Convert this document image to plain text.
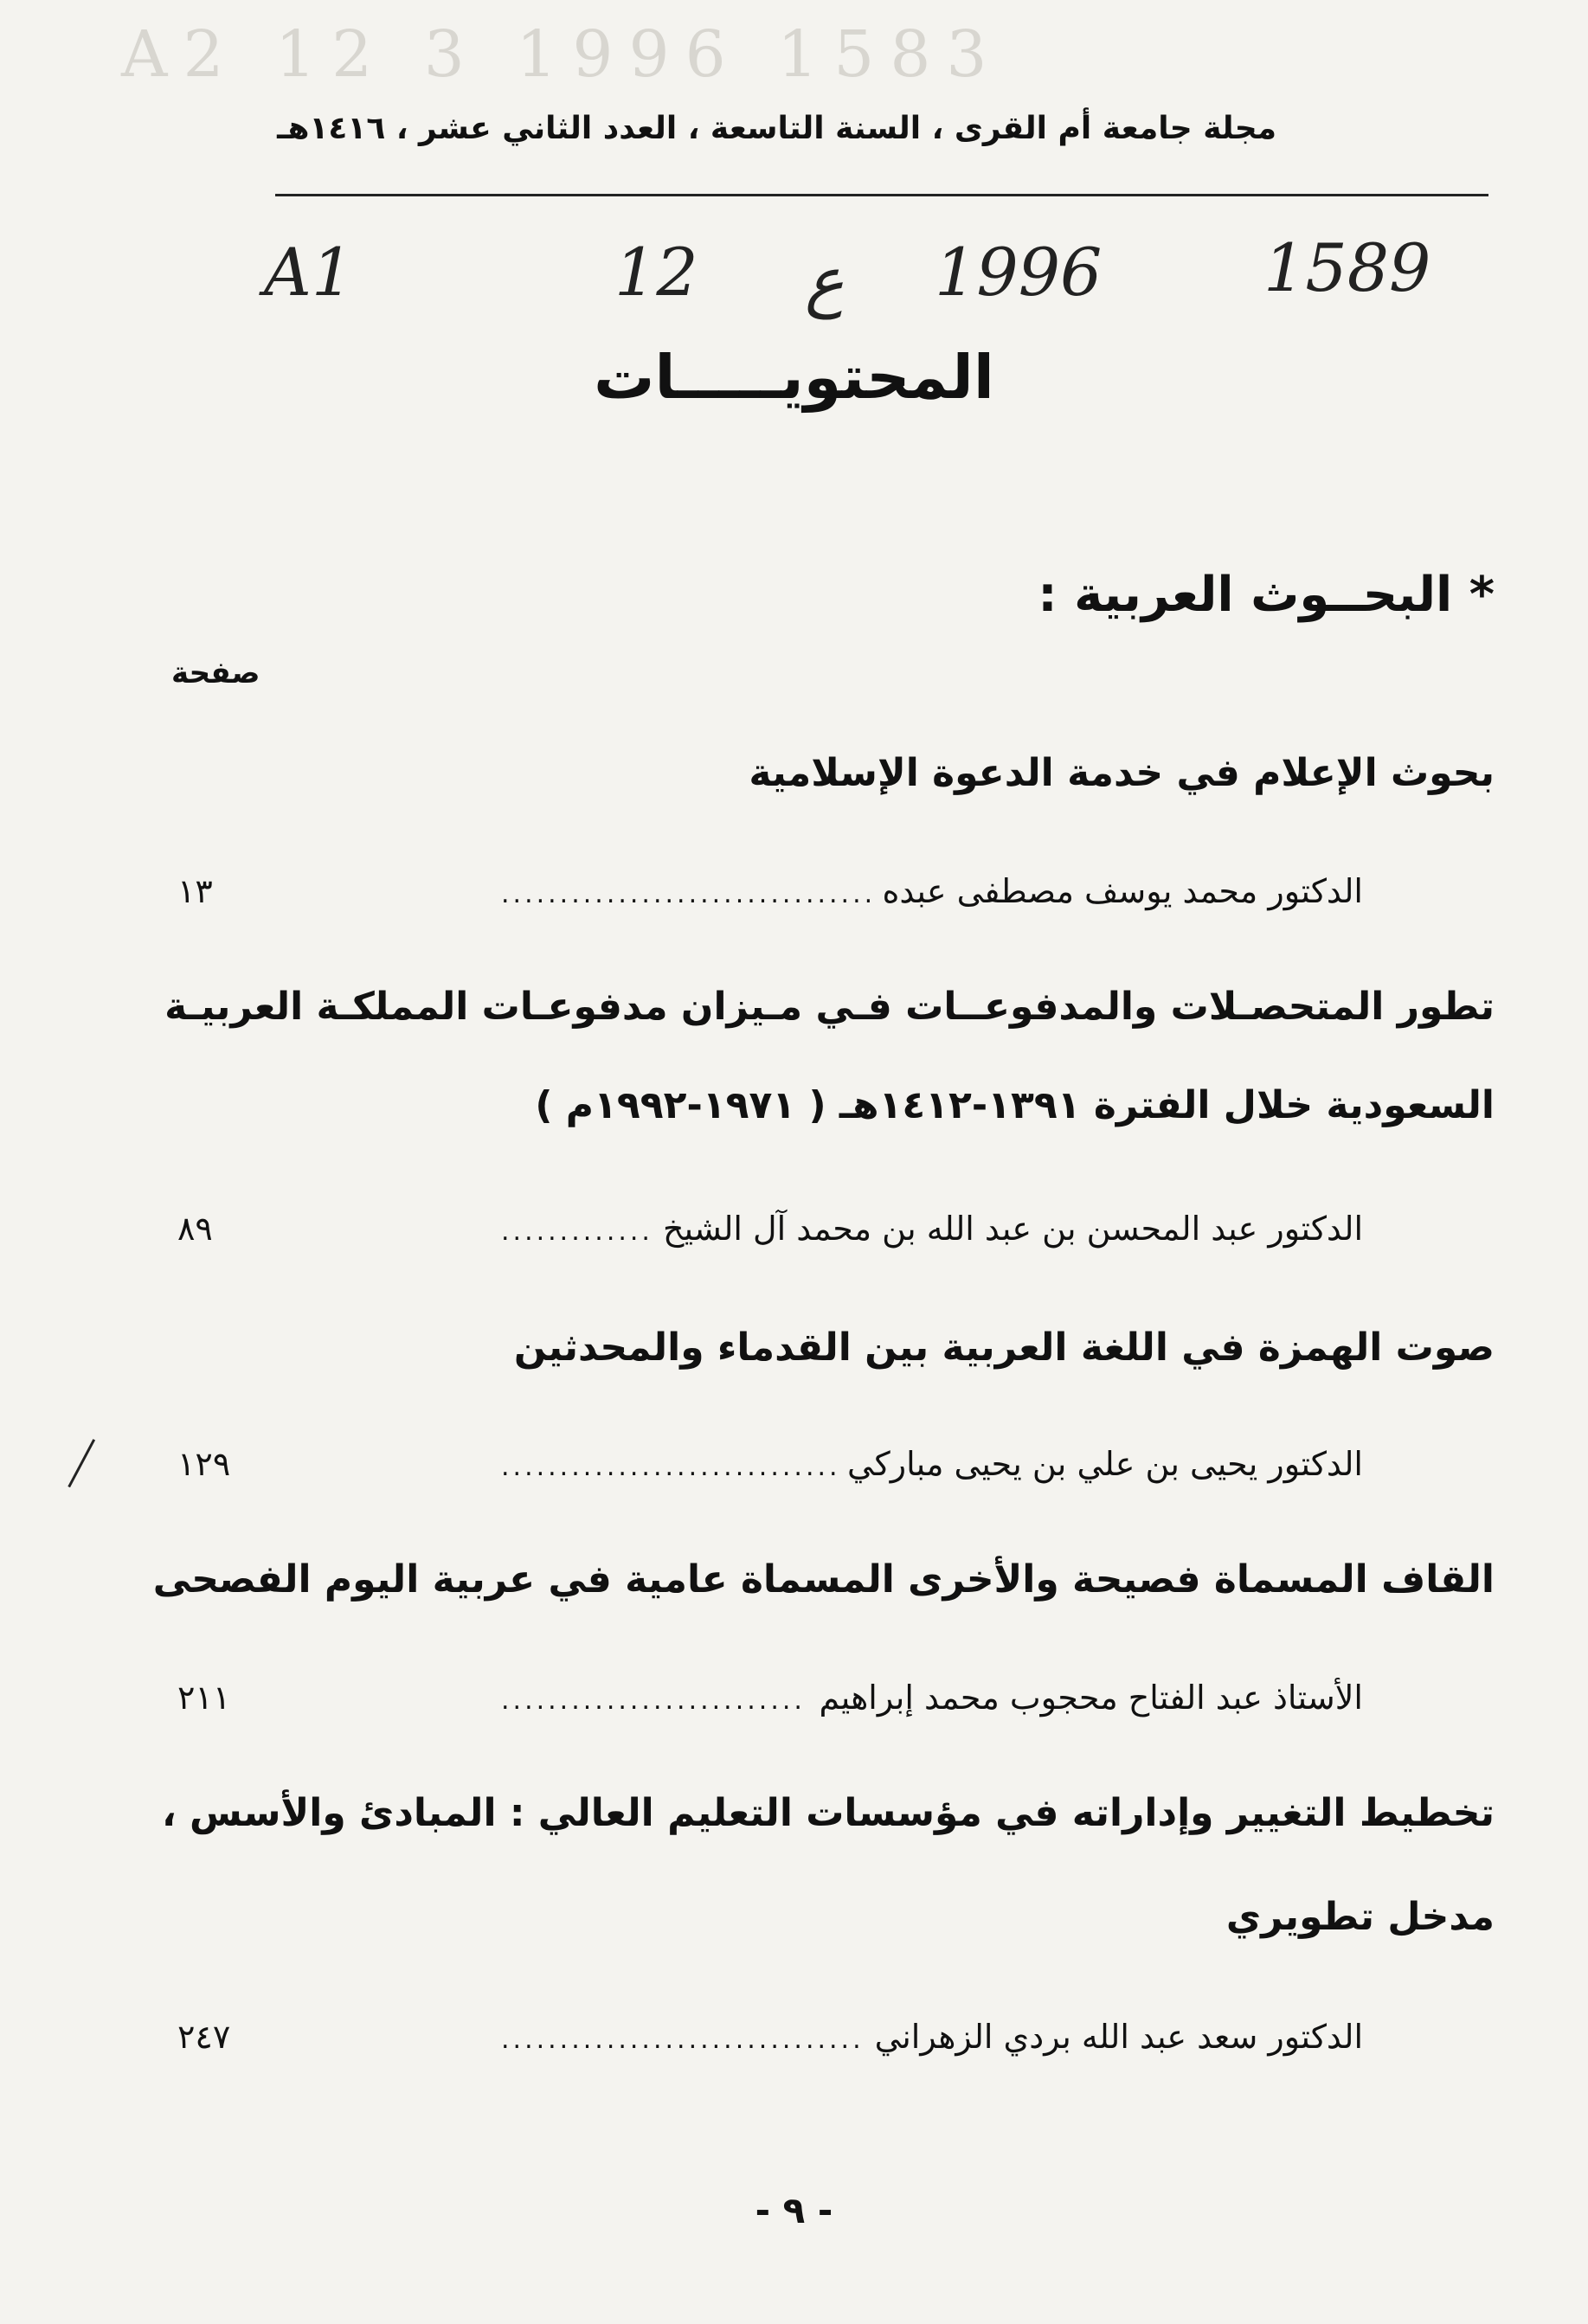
A2 12 3 1996 1583
مجلة جامعة أم القرى ، السنة التاسعة ، العدد الثاني عشر ، ١٤١٦هـ
A1	12 ع 1996 1589
المحتويـــــات
* البحــوث العربية :
صفحة
بحوث الإعلام في خدمة الدعوة الإسلامية
الدكتور محمد يوسف مصطفى عبده
.....
١٣
تطور المتحصـلات والمدفوعــات فـي مـيزان مدفوعـات المملكـة العربيـة
السعودية خلال الفترة ١٣٩١-١٤١٢هـ ( ١٩٧١-١٩٩٢م )
الدكتور عبد المحسن بن عبد الله بن محمد آل الشيخ
.....
٨٩
صوت الهمزة في اللغة العربية بين القدماء والمحدثين
الدكتور يحيى بن علي بن يحيى مباركي
.....
١٢٩
القاف المسماة فصيحة والأخرى المسماة عامية في عربية اليوم الفصحى
الأستاذ عبد الفتاح محجوب محمد إبراهيم
.....
٢١١
تخطيط التغيير وإداراته في مؤسسات التعليم العالي : المبادئ والأسس ،
مدخل تطويري
الدكتور سعد عبد الله بردي الزهراني
.....
٢٤٧
- ٩ -
